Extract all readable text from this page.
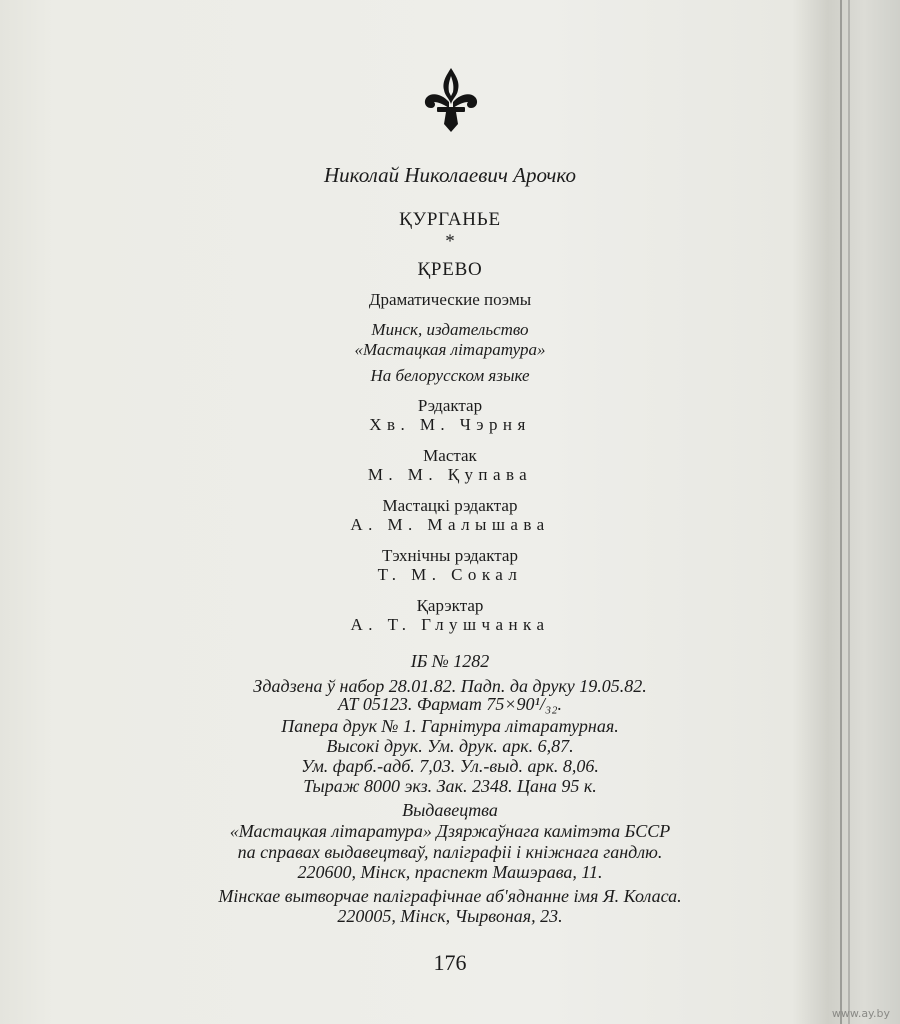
Николай Николаевич Арочко
ҚУРГАНЬЕ
*
ҚРЕВО
Драматические поэмы
Минск, издательство
«Мастацкая літаратура»
На белорусском языке
Рэдактар
Хв. М. Чэрня
Мастак
М. М. Қупава
Мастацкі рэдактар
А. М. Малышава
Тэхнічны рэдактар
Т. М. Сокал
Қарэктар
А. Т. Глушчанка
ІБ № 1282
Здадзена ў набор 28.01.82. Падп. да друку 19.05.82.
АТ 05123. Фармат 75×90¹/₃₂.
Папера друк № 1. Гарнітура літаратурная.
Высокі друк. Ум. друк. арк. 6,87.
Ум. фарб.-адб. 7,03. Ул.-выд. арк. 8,06.
Тыраж 8000 экз. Зак. 2348. Цана 95 к.
Выдавецтва
«Мастацкая літаратура» Дзяржаўнага камітэта БССР
па справах выдавецтваў, паліграфіі і кніжнага гандлю.
220600, Мінск, праспект Машэрава, 11.
Мінскае вытворчае паліграфічнае аб'яднанне імя Я. Коласа.
220005, Мінск, Чырвоная, 23.
176
www.ay.by
